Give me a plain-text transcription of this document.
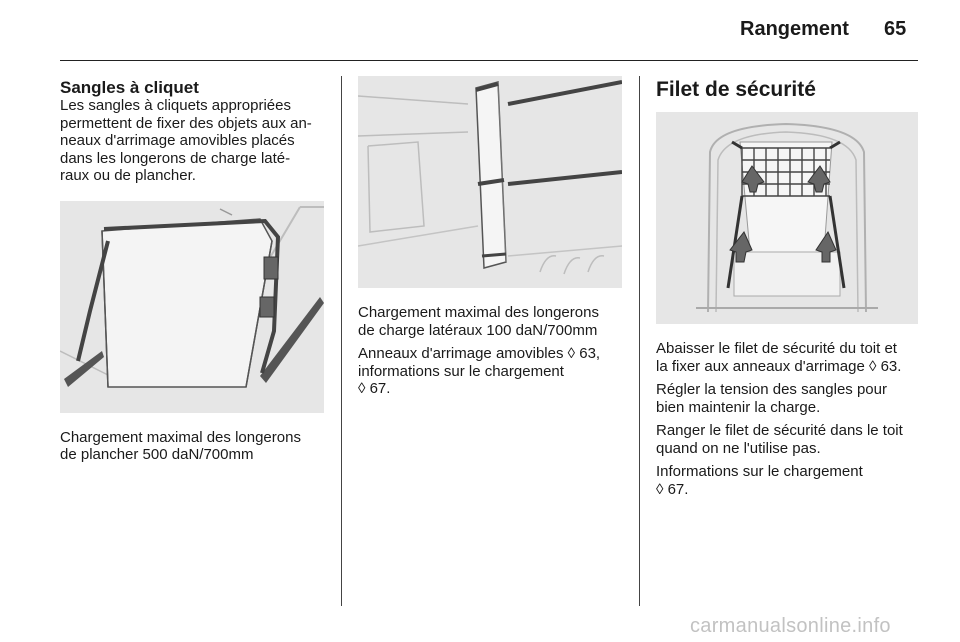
Rangement 65
Sangles à cliquet

Les sangles à cliquets appropriées
permettent de fixer des objets aux an-
neaux d'arrimage amovibles placés
dans les longerons de charge laté-
raux ou de plancher.

Chargement maximal des longerons
de plancher 500 daN/700mm

Chargement maximal des longerons
de charge latéraux 100 daN/700mm

Anneaux d'arrimage amovibles ◊ 63,
informations sur le chargement
◊ 67.

Filet de sécurité

Abaisser le filet de sécurité du toit et
la fixer aux anneaux d'arrimage ◊ 63.

Régler la tension des sangles pour
bien maintenir la charge.

Ranger le filet de sécurité dans le toit
quand on ne l'utilise pas.

Informations sur le chargement
◊ 67.

carmanualsonline.info
